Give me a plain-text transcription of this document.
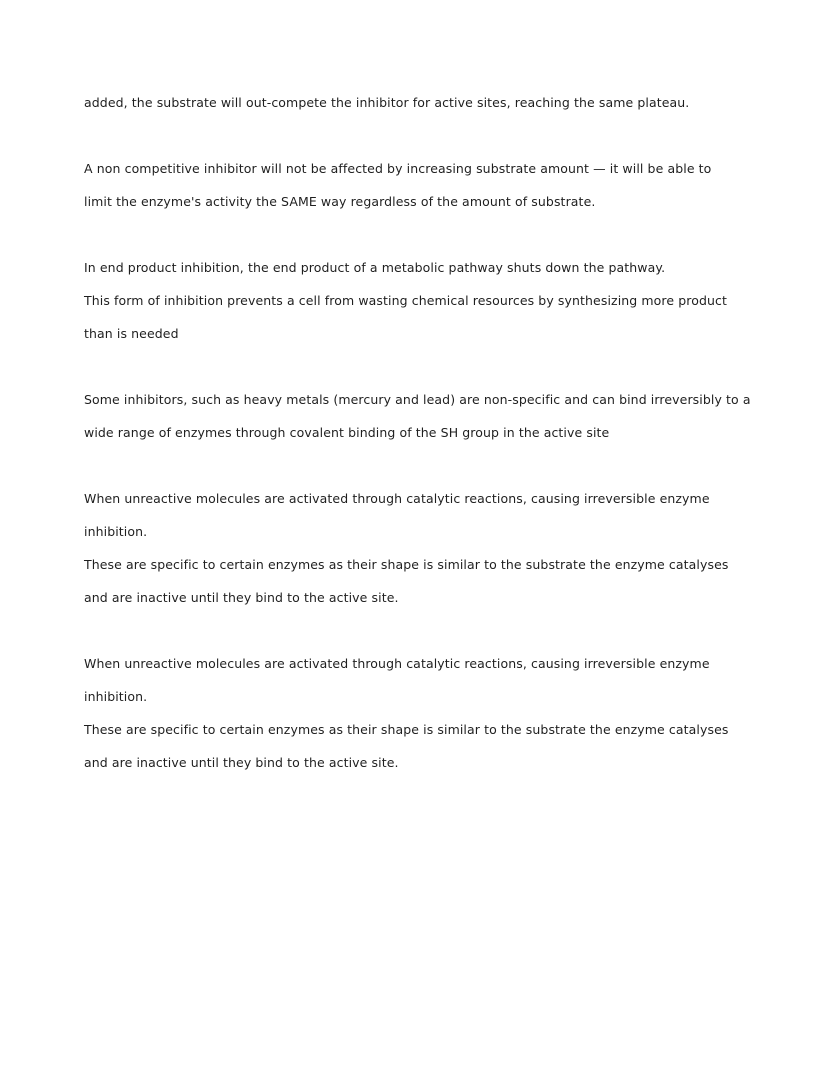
added, the substrate will out-compete the inhibitor for active sites, reaching the same plateau.
A non competitive inhibitor will not be affected by increasing substrate amount — it will be able to
limit the enzyme's activity the SAME way regardless of the amount of substrate.
In end product inhibition, the end product of a metabolic pathway shuts down the pathway.
This form of inhibition prevents a cell from wasting chemical resources by synthesizing more product
than is needed
Some inhibitors, such as heavy metals (mercury and lead) are non-specific and can bind irreversibly to a
wide range of enzymes through covalent binding of the SH group in the active site
When unreactive molecules are activated through catalytic reactions, causing irreversible enzyme
inhibition.
These are specific to certain enzymes as their shape is similar to the substrate the enzyme catalyses
and are inactive until they bind to the active site.
When unreactive molecules are activated through catalytic reactions, causing irreversible enzyme
inhibition.
These are specific to certain enzymes as their shape is similar to the substrate the enzyme catalyses
and are inactive until they bind to the active site.
